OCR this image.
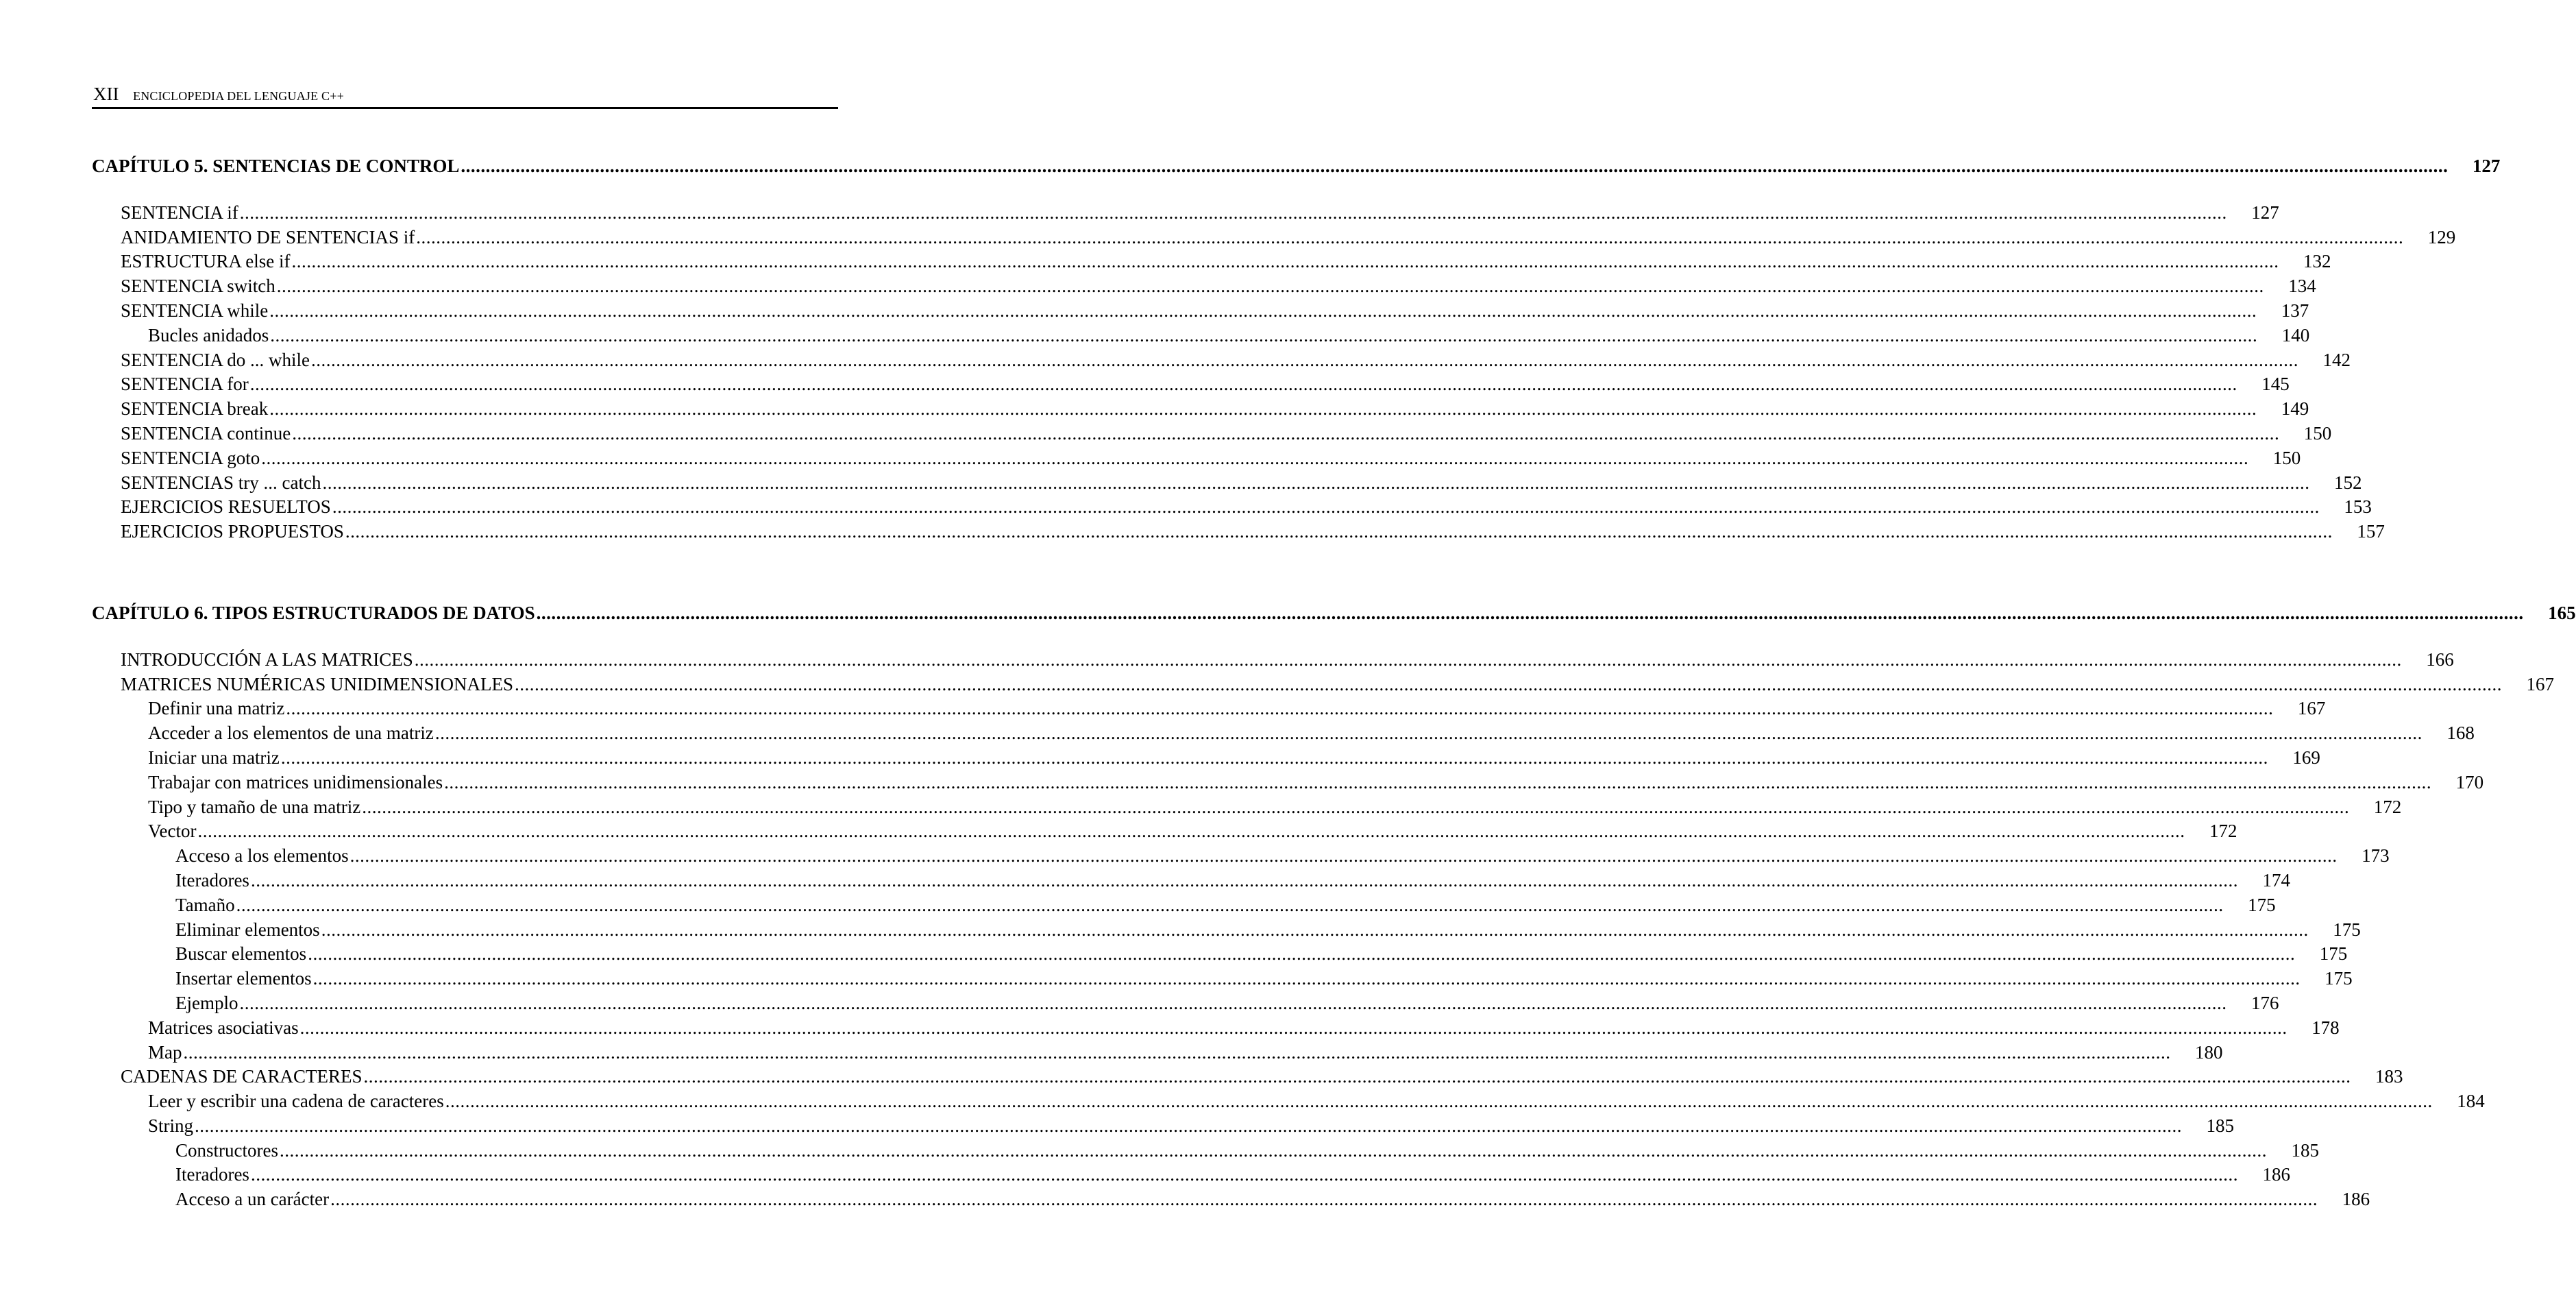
XII ENCICLOPEDIA DEL LENGUAJE C++
CAPÍTULO 5. SENTENCIAS DE CONTROL ................................................................................................................................................................................................................................................................................................................................................................................................................	127
SENTENCIA if ................................................................................................................................................................................................................................................................................................................................................................................................................	127
ANIDAMIENTO DE SENTENCIAS if ................................................................................................................................................................................................................................................................................................................................................................................................................	129
ESTRUCTURA else if ................................................................................................................................................................................................................................................................................................................................................................................................................	132
SENTENCIA switch ................................................................................................................................................................................................................................................................................................................................................................................................................	134
SENTENCIA while ................................................................................................................................................................................................................................................................................................................................................................................................................	137
Bucles anidados ................................................................................................................................................................................................................................................................................................................................................................................................................	140
SENTENCIA do ... while ................................................................................................................................................................................................................................................................................................................................................................................................................	142
SENTENCIA for ................................................................................................................................................................................................................................................................................................................................................................................................................	145
SENTENCIA break ................................................................................................................................................................................................................................................................................................................................................................................................................	149
SENTENCIA continue ................................................................................................................................................................................................................................................................................................................................................................................................................	150
SENTENCIA goto ................................................................................................................................................................................................................................................................................................................................................................................................................	150
SENTENCIAS try ... catch ................................................................................................................................................................................................................................................................................................................................................................................................................	152
EJERCICIOS RESUELTOS ................................................................................................................................................................................................................................................................................................................................................................................................................	153
EJERCICIOS PROPUESTOS ................................................................................................................................................................................................................................................................................................................................................................................................................	157
CAPÍTULO 6. TIPOS ESTRUCTURADOS DE DATOS ................................................................................................................................................................................................................................................................................................................................................................................................................	165
INTRODUCCIÓN A LAS MATRICES ................................................................................................................................................................................................................................................................................................................................................................................................................	166
MATRICES NUMÉRICAS UNIDIMENSIONALES ................................................................................................................................................................................................................................................................................................................................................................................................................	167
Definir una matriz ................................................................................................................................................................................................................................................................................................................................................................................................................	167
Acceder a los elementos de una matriz ................................................................................................................................................................................................................................................................................................................................................................................................................	168
Iniciar una matriz ................................................................................................................................................................................................................................................................................................................................................................................................................	169
Trabajar con matrices unidimensionales ................................................................................................................................................................................................................................................................................................................................................................................................................	170
Tipo y tamaño de una matriz ................................................................................................................................................................................................................................................................................................................................................................................................................	172
Vector ................................................................................................................................................................................................................................................................................................................................................................................................................	172
Acceso a los elementos ................................................................................................................................................................................................................................................................................................................................................................................................................	173
Iteradores ................................................................................................................................................................................................................................................................................................................................................................................................................	174
Tamaño ................................................................................................................................................................................................................................................................................................................................................................................................................	175
Eliminar elementos ................................................................................................................................................................................................................................................................................................................................................................................................................	175
Buscar elementos ................................................................................................................................................................................................................................................................................................................................................................................................................	175
Insertar elementos ................................................................................................................................................................................................................................................................................................................................................................................................................	175
Ejemplo ................................................................................................................................................................................................................................................................................................................................................................................................................	176
Matrices asociativas ................................................................................................................................................................................................................................................................................................................................................................................................................	178
Map ................................................................................................................................................................................................................................................................................................................................................................................................................	180
CADENAS DE CARACTERES ................................................................................................................................................................................................................................................................................................................................................................................................................	183
Leer y escribir una cadena de caracteres ................................................................................................................................................................................................................................................................................................................................................................................................................	184
String ................................................................................................................................................................................................................................................................................................................................................................................................................	185
Constructores ................................................................................................................................................................................................................................................................................................................................................................................................................	185
Iteradores ................................................................................................................................................................................................................................................................................................................................................................................................................	186
Acceso a un carácter ................................................................................................................................................................................................................................................................................................................................................................................................................	186
